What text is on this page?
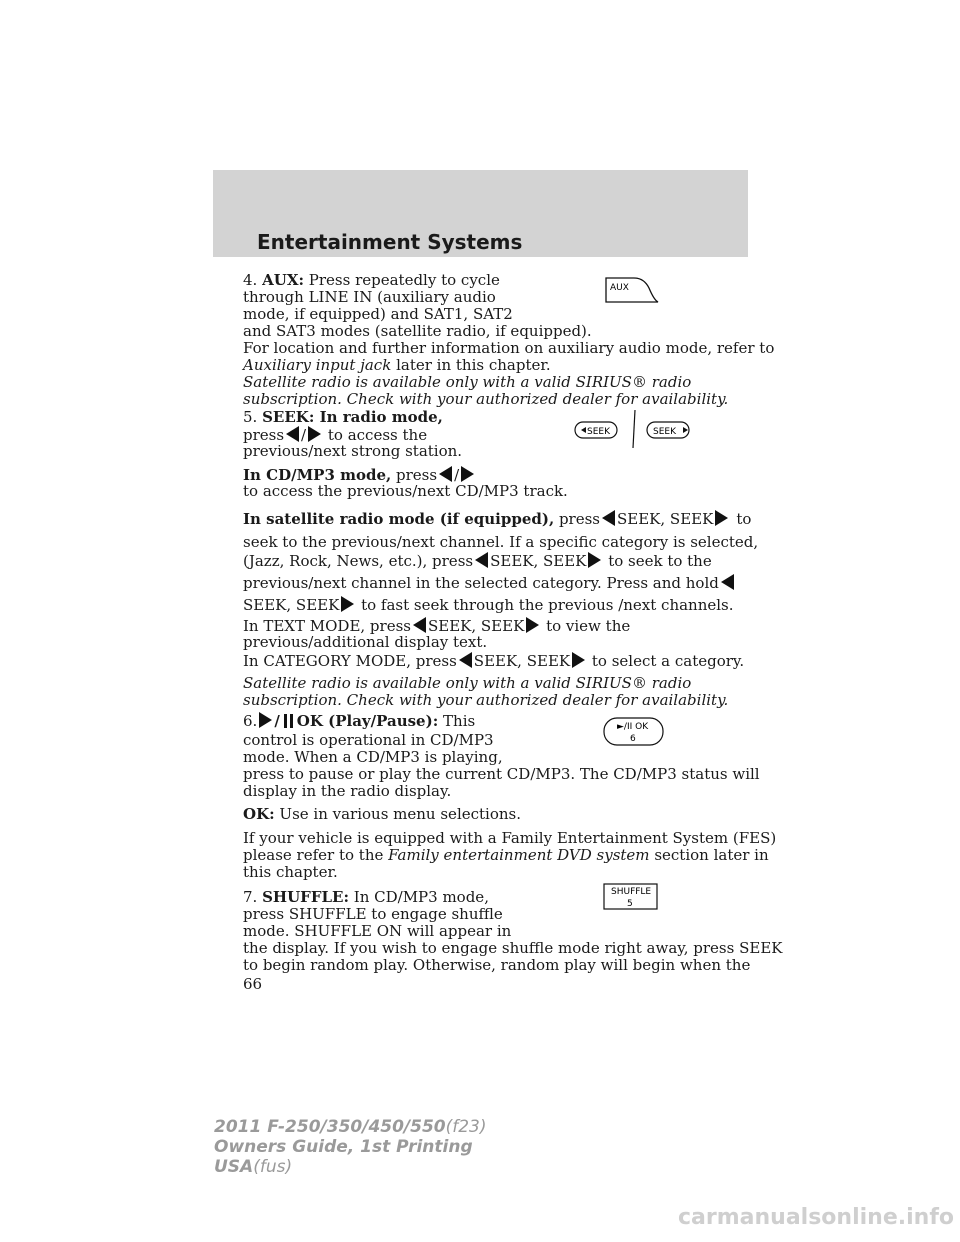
Entertainment Systems
4. AUX: Press repeatedly to cycle
through LINE IN (auxiliary audio
mode, if equipped) and SAT1, SAT2
and SAT3 modes (satellite radio, if equipped).
For location and further information on auxiliary audio mode, refer to
Auxiliary input jack later in this chapter.
Satellite radio is available only with a valid SIRIUS® radio
subscription. Check with your authorized dealer for availability.
AUX
5. SEEK: In radio mode,
press / to access the
previous/next strong station.
SEEK	SEEK
In CD/MP3 mode, press /
to access the previous/next CD/MP3 track.
In satellite radio mode (if equipped), press SEEK, SEEK to
seek to the previous/next channel. If a specific category is selected,
(Jazz, Rock, News, etc.), press SEEK, SEEK to seek to the
previous/next channel in the selected category. Press and hold
SEEK, SEEK to fast seek through the previous /next channels.
In TEXT MODE, press SEEK, SEEK to view the
previous/additional display text.
In CATEGORY MODE, press SEEK, SEEK to select a category.
Satellite radio is available only with a valid SIRIUS® radio
subscription. Check with your authorized dealer for availability.
6. / OK (Play/Pause): This
control is operational in CD/MP3
mode. When a CD/MP3 is playing,
press to pause or play the current CD/MP3. The CD/MP3 status will
display in the radio display.
►/II OK
6
OK: Use in various menu selections.
If your vehicle is equipped with a Family Entertainment System (FES)
please refer to the Family entertainment DVD system section later in
this chapter.
7. SHUFFLE: In CD/MP3 mode,
press SHUFFLE to engage shuffle
mode. SHUFFLE ON will appear in
the display. If you wish to engage shuffle mode right away, press SEEK
to begin random play. Otherwise, random play will begin when the
SHUFFLE
5
66
2011 F-250/350/450/550(f23)
Owners Guide, 1st Printing
USA(fus)
carmanualsonline.info
